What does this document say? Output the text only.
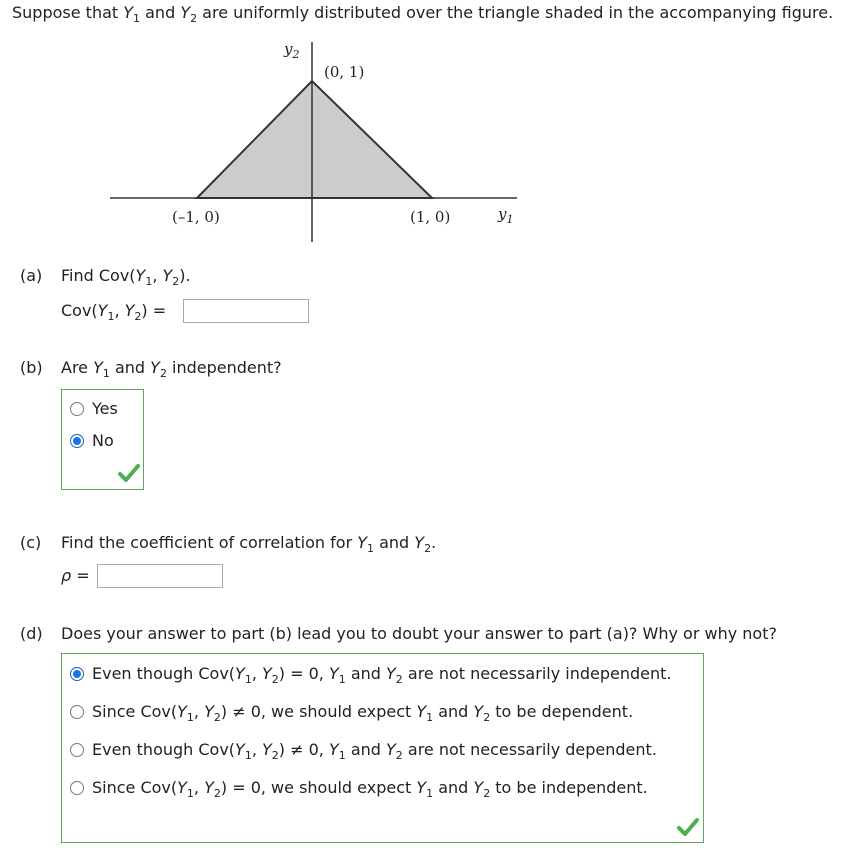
Suppose that $Y_1$ and $Y_2$ are uniformly distributed over the triangle shaded in the accompanying figure.
$y_2$
(0, 1)
(–1, 0)	(1, 0)	$y_1$
(a) Find $Cov(Y_1$, $Y_2$).
$Cov(Y_1$, $Y_2$) =
(b) Are $Y_1$ and $Y_2$ independent?
Yes
No
(c) Find the coefficient of correlation for $Y_1$ and $Y_2$.
ρ =
(d) Does your answer to part (b) lead you to doubt your answer to part (a)? Why or why not?
Even though $Cov(Y_1$, $Y_2) = 0$, $Y_1$ and $Y_2$ are not necessarily independent.
Since $Cov(Y_1$, $Y_2) \ne 0$, we should expect $Y_1$ and $Y_2$ to be dependent.
Even though $Cov(Y_1$, $Y_2) \ne 0$, $Y_1$ and $Y_2$ are not necessarily dependent.
Since $Cov(Y_1$, $Y_2) = 0$, we should expect $Y_1$ and $Y_2$ to be independent.
